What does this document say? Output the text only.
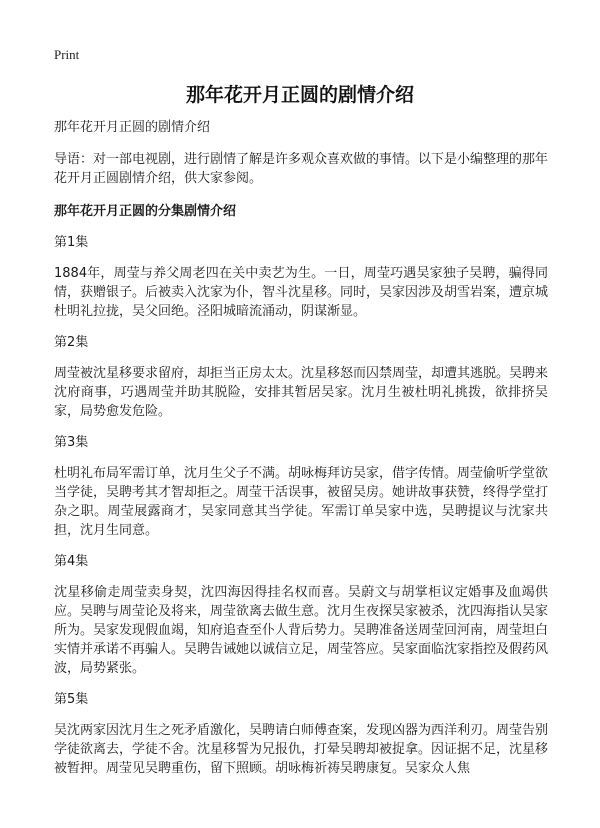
Print
那年花开月正圆的剧情介绍

那年花开月正圆的剧情介绍

导语：对一部电视剧，进行剧情了解是许多观众喜欢做的事情。以下是小编整理的那年花开月正圆剧情介绍，供大家参阅。

那年花开月正圆的分集剧情介绍

第1集

1884年，周莹与养父周老四在关中卖艺为生。一日，周莹巧遇吴家独子吴聘，骗得同情，获赠银子。后被卖入沈家为仆，智斗沈星移。同时，吴家因涉及胡雪岩案，遭京城杜明礼拉拢，吴父回绝。泾阳城暗流涌动，阴谋渐显。

第2集

周莹被沈星移要求留府，却拒当正房太太。沈星移怒而囚禁周莹，却遭其逃脱。吴聘来沈府商事，巧遇周莹并助其脱险，安排其暂居吴家。沈月生被杜明礼挑拨，欲排挤吴家，局势愈发危险。

第3集

杜明礼布局军需订单，沈月生父子不满。胡咏梅拜访吴家，借字传情。周莹偷听学堂欲当学徒，吴聘考其才智却拒之。周莹干活误事，被留吴房。她讲故事获赞，终得学堂打杂之职。周莹展露商才，吴家同意其当学徒。军需订单吴家中选，吴聘提议与沈家共担，沈月生同意。

第4集

沈星移偷走周莹卖身契，沈四海因得挂名权而喜。吴蔚文与胡掌柜议定婚事及血竭供应。吴聘与周莹论及将来，周莹欲离去做生意。沈月生夜探吴家被杀，沈四海指认吴家所为。吴家发现假血竭，知府追查至仆人背后势力。吴聘准备送周莹回河南，周莹坦白实情并承诺不再骗人。吴聘告诫她以诚信立足，周莹答应。吴家面临沈家指控及假药风波，局势紧张。

第5集

吴沈两家因沈月生之死矛盾激化，吴聘请白师傅查案，发现凶器为西洋利刃。周莹告别学徒欲离去，学徒不舍。沈星移誓为兄报仇，打晕吴聘却被捉拿。因证据不足，沈星移被暂押。周莹见吴聘重伤，留下照顾。胡咏梅祈祷吴聘康复。吴家众人焦
